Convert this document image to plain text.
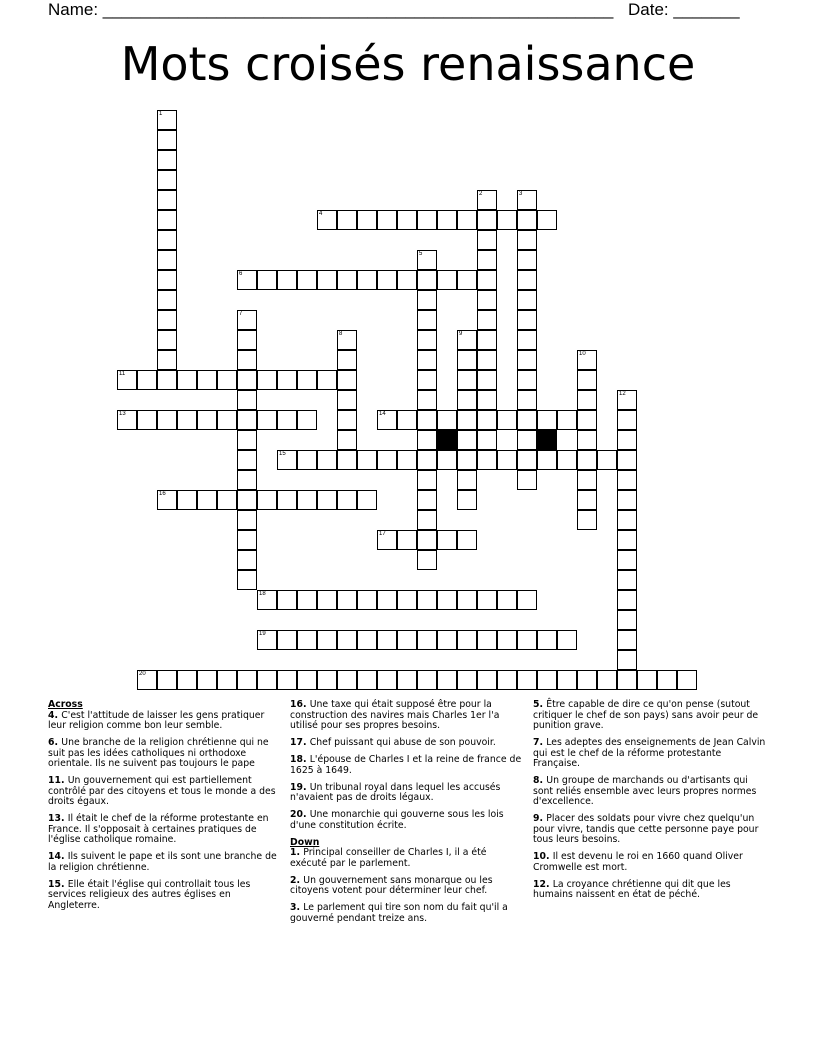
Name: ______________________________________________________ Date: _______
Mots croisés renaissance
4
6
11
13	14
15
16
17
18
19
20
1
2	3
5
7
8	9
10
12
Across
4. C'est l'attitude de laisser les gens pratiquer leur religion comme bon leur semble.
6. Une branche de la religion chrétienne qui ne suit pas les idées catholiques ni orthodoxe orientale. Ils ne suivent pas toujours le pape
11. Un gouvernement qui est partiellement contrôlé par des citoyens et tous le monde a des droits égaux.
13. Il était le chef de la réforme protestante en France. Il s'opposait à certaines pratiques de l'église catholique romaine.
14. Ils suivent le pape et ils sont une branche de la religion chrétienne.
15. Elle était l'église qui controllait tous les services religieux des autres églises en Angleterre.
16. Une taxe qui était supposé être pour la construction des navires mais Charles 1er l'a utilisé pour ses propres besoins.
17. Chef puissant qui abuse de son pouvoir.
18. L'épouse de Charles I et la reine de france de 1625 à 1649.
19. Un tribunal royal dans lequel les accusés n'avaient pas de droits légaux.
20. Une monarchie qui gouverne sous les lois d'une constitution écrite.
Down
1. Principal conseiller de Charles I, il a été exécuté par le parlement.
2. Un gouvernement sans monarque ou les citoyens votent pour déterminer leur chef.
3. Le parlement qui tire son nom du fait qu'il a gouverné pendant treize ans.
5. Être capable de dire ce qu'on pense (sutout critiquer le chef de son pays) sans avoir peur de punition grave.
7. Les adeptes des enseignements de Jean Calvin qui est le chef de la réforme protestante Française.
8. Un groupe de marchands ou d'artisants qui sont reliés ensemble avec leurs propres normes d'excellence.
9. Placer des soldats pour vivre chez quelqu'un pour vivre, tandis que cette personne paye pour tous leurs besoins.
10. Il est devenu le roi en 1660 quand Oliver Cromwelle est mort.
12. La croyance chrétienne qui dit que les humains naissent en état de péché.
